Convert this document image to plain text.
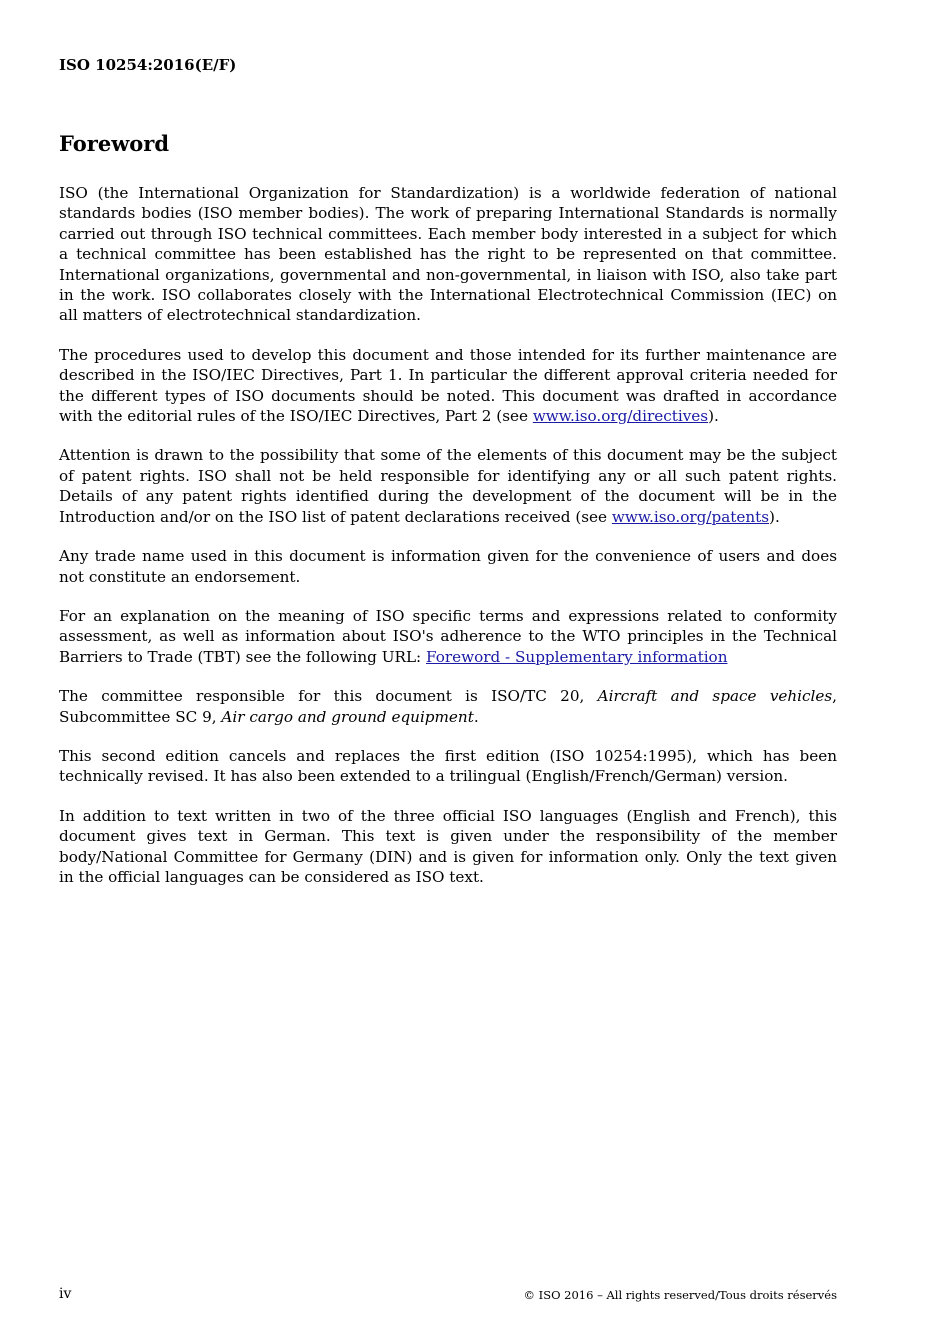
ISO 10254:2016(E/F)
Foreword

ISO (the International Organization for Standardization) is a worldwide federation of national standards bodies (ISO member bodies). The work of preparing International Standards is normally carried out through ISO technical committees. Each member body interested in a subject for which a technical committee has been established has the right to be represented on that committee. International organizations, governmental and non-governmental, in liaison with ISO, also take part in the work. ISO collaborates closely with the International Electrotechnical Commission (IEC) on all matters of electrotechnical standardization.

The procedures used to develop this document and those intended for its further maintenance are described in the ISO/IEC Directives, Part 1. In particular the different approval criteria needed for the different types of ISO documents should be noted. This document was drafted in accordance with the editorial rules of the ISO/IEC Directives, Part 2 (see www.iso.org/directives).

Attention is drawn to the possibility that some of the elements of this document may be the subject of patent rights. ISO shall not be held responsible for identifying any or all such patent rights. Details of any patent rights identified during the development of the document will be in the Introduction and/or on the ISO list of patent declarations received (see www.iso.org/patents).

Any trade name used in this document is information given for the convenience of users and does not constitute an endorsement.

For an explanation on the meaning of ISO specific terms and expressions related to conformity assessment, as well as information about ISO's adherence to the WTO principles in the Technical Barriers to Trade (TBT) see the following URL: Foreword - Supplementary information

The committee responsible for this document is ISO/TC 20, Aircraft and space vehicles, Subcommittee SC 9, Air cargo and ground equipment.

This second edition cancels and replaces the first edition (ISO 10254:1995), which has been technically revised. It has also been extended to a trilingual (English/French/German) version.

In addition to text written in two of the three official ISO languages (English and French), this document gives text in German. This text is given under the responsibility of the member body/National Committee for Germany (DIN) and is given for information only. Only the text given in the official languages can be considered as ISO text.

iv	© ISO 2016 – All rights reserved/Tous droits réservés
